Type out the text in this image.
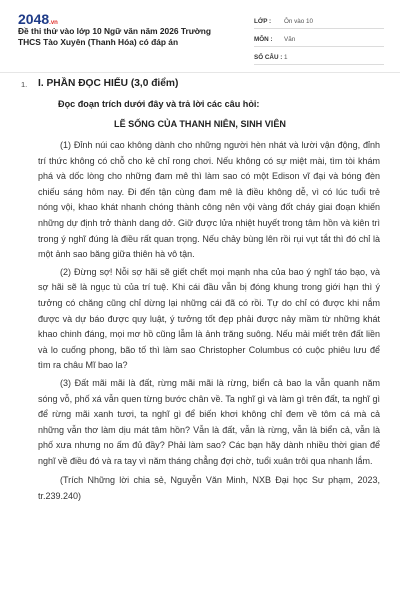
2048.vn
Đề thi thử vào lớp 10 Ngữ văn năm 2026 Trường THCS Tào Xuyên (Thanh Hóa) có đáp án
LỚP :	Ôn vào 10
MÔN :	Văn
SỐ CÂU : 1
1. I. PHẦN ĐỌC HIỂU (3,0 điểm)
Đọc đoạn trích dưới đây và trả lời các câu hỏi:
LẼ SỐNG CỦA THANH NIÊN, SINH VIÊN

(1) Đỉnh núi cao không dành cho những người hèn nhát và lười vận động, đỉnh trí thức không có chỗ cho kẻ chỉ rong chơi. Nếu không có sự miệt mài, tìm tòi khám phá và dốc lòng cho những đam mê thì làm sao có một Edison vĩ đại và bóng đèn chiếu sáng hôm nay. Đi đến tận cùng đam mê là điều không dễ, vì có lúc tuổi trẻ nóng vội, khao khát nhanh chóng thành công nên vội vàng đốt cháy giai đoạn khiến những dự định trở thành dang dở. Giữ được lửa nhiệt huyết trong tâm hồn và kiên trì trong ý nghĩ đúng là điều rất quan trọng. Nếu chảy bùng lên rồi rụi vụt tắt thì đó chỉ là một ảnh sao băng giữa thiên hà vô tận.

(2) Đừng sợ! Nỗi sợ hãi sẽ giết chết mọi mạnh nha của bao ý nghĩ táo bạo, và sợ hãi sẽ là ngục tù của trí tuệ. Khi cái đầu vẫn bị đóng khung trong giới hạn thì ý tưởng có chăng cũng chỉ dừng lại những cái đã có rồi. Tự do chỉ có được khi nắm được và dự báo được quy luật, ý tưởng tốt đẹp phải được nảy mầm từ những khát khao chinh đáng, mọi mơ hồ cũng lẫm là ảnh trăng suông. Nếu mải miết trên đất liền và lo cuống phong, bão tố thì làm sao Christopher Columbus có cuộc phiêu lưu để tìm ra châu Mĩ bao la?

(3) Đất mãi mãi là đất, rừng mãi mãi là rừng, biển cả bao la vẫn quanh năm sóng vỗ, phố xá vẫn quen từng bước chân về. Ta nghĩ gì và làm gì trên đất, ta nghĩ gì để rừng mãi xanh tươi, ta nghĩ gì để biến khơi không chỉ đem về tôm cá mà cả những vẫn thơ làm dịu mát tâm hồn? Vẫn là đất, vẫn là rừng, vẫn là biển cả, vẫn là phố xưa nhưng no ấm đủ đầy? Phải làm sao? Các bạn hãy dành nhiều thời gian để nghĩ về điều đó và ra tay vì năm tháng chẳng đợi chờ, tuổi xuân trôi qua nhanh lắm.

(Trích Những lời chia sẻ, Nguyễn Văn Minh, NXB Đại học Sư phạm, 2023, tr.239.240)
